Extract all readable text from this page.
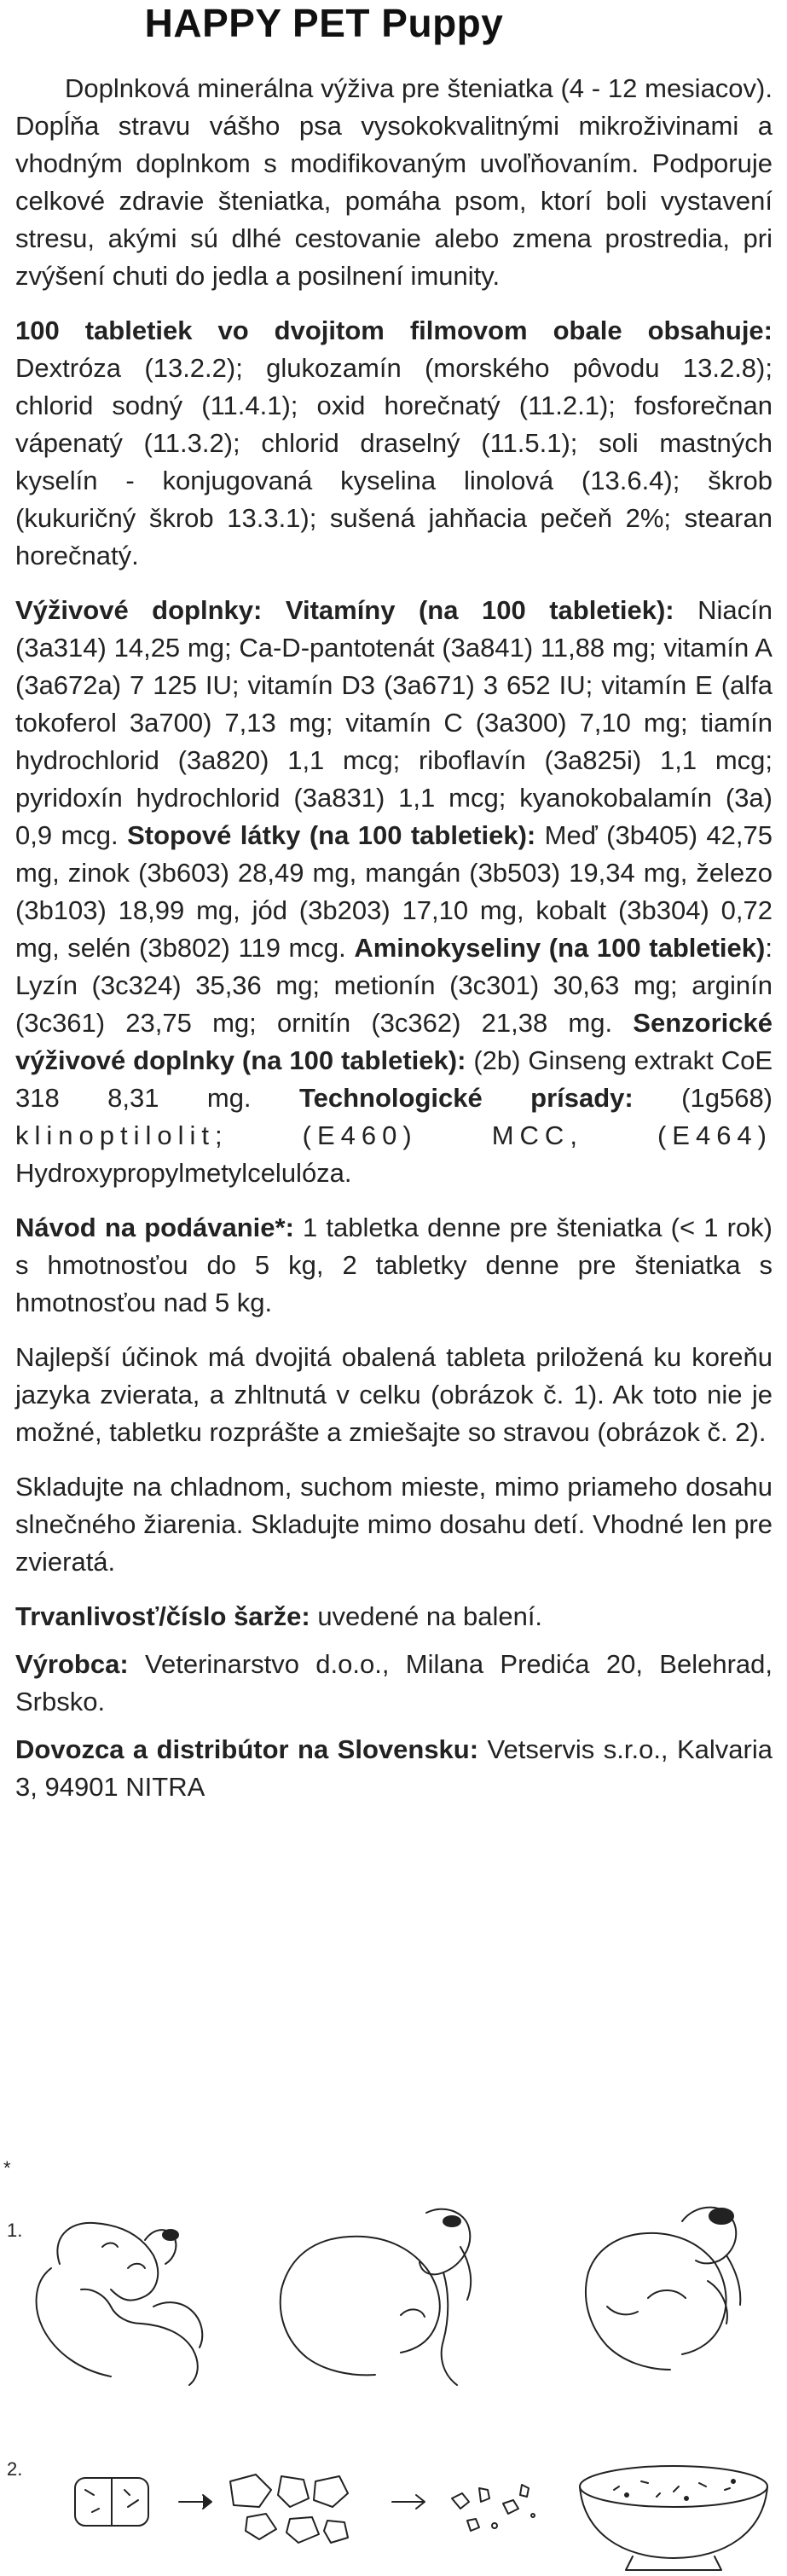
HAPPY PET Puppy

Doplnková minerálna výživa pre šteniatka (4 - 12 mesiacov). Dopĺňa stravu vášho psa vysokokvalitnými mikroživinami a vhodným doplnkom s modifikovaným uvoľňovaním. Podporuje celkové zdravie šteniatka, pomáha psom, ktorí boli vystavení stresu, akými sú dlhé cestovanie alebo zmena prostredia, pri zvýšení chuti do jedla a posilnení imunity.

100 tabletiek vo dvojitom filmovom obale obsahuje: Dextróza (13.2.2); glukozamín (morského pôvodu 13.2.8); chlorid sodný (11.4.1); oxid horečnatý (11.2.1); fosforečnan vápenatý (11.3.2); chlorid draselný (11.5.1); soli mastných kyselín - konjugovaná kyselina linolová (13.6.4); škrob (kukuričný škrob 13.3.1); sušená jahňacia pečeň 2%; stearan horečnatý.

Výživové doplnky: Vitamíny (na 100 tabletiek): Niacín (3a314) 14,25 mg; Ca-D-pantotenát (3a841) 11,88 mg; vitamín A (3a672a) 7 125 IU; vitamín D3 (3a671) 3 652 IU; vitamín E (alfa tokoferol 3a700) 7,13 mg; vitamín C (3a300) 7,10 mg; tiamín hydrochlorid (3a820) 1,1 mcg; riboflavín (3a825i) 1,1 mcg; pyridoxín hydrochlorid (3a831) 1,1 mcg; kyanokobalamín (3a) 0,9 mcg. Stopové látky (na 100 tabletiek): Meď (3b405) 42,75 mg, zinok (3b603) 28,49 mg, mangán (3b503) 19,34 mg, železo (3b103) 18,99 mg, jód (3b203) 17,10 mg, kobalt (3b304) 0,72 mg, selén (3b802) 119 mcg. Aminokyseliny (na 100 tabletiek): Lyzín (3c324) 35,36 mg; metionín (3c301) 30,63 mg; arginín (3c361) 23,75 mg; ornitín (3c362) 21,38 mg. Senzorické výživové doplnky (na 100 tabletiek): (2b) Ginseng extrakt CoE 318 8,31 mg. Technologické prísady: (1g568) klinoptilolit; (E460) MCC, (E464) Hydroxypropylmetylcelulóza.

Návod na podávanie*: 1 tabletka denne pre šteniatka (< 1 rok) s hmotnosťou do 5 kg, 2 tabletky denne pre šteniatka s hmotnosťou nad 5 kg.

Najlepší účinok má dvojitá obalená tableta priložená ku koreňu jazyka zvierata, a zhltnutá v celku (obrázok č. 1). Ak toto nie je možné, tabletku rozprášte a zmiešajte so stravou (obrázok č. 2).

Skladujte na chladnom, suchom mieste, mimo priameho dosahu slnečného žiarenia. Skladujte mimo dosahu detí. Vhodné len pre zvieratá.

Trvanlivosť/číslo šarže: uvedené na balení.

Výrobca: Veterinarstvo d.o.o., Milana Predića 20, Belehrad, Srbsko.

Dovozca a distribútor na Slovensku: Vetservis s.r.o., Kalvaria 3, 94901 NITRA

*
1.
2.
